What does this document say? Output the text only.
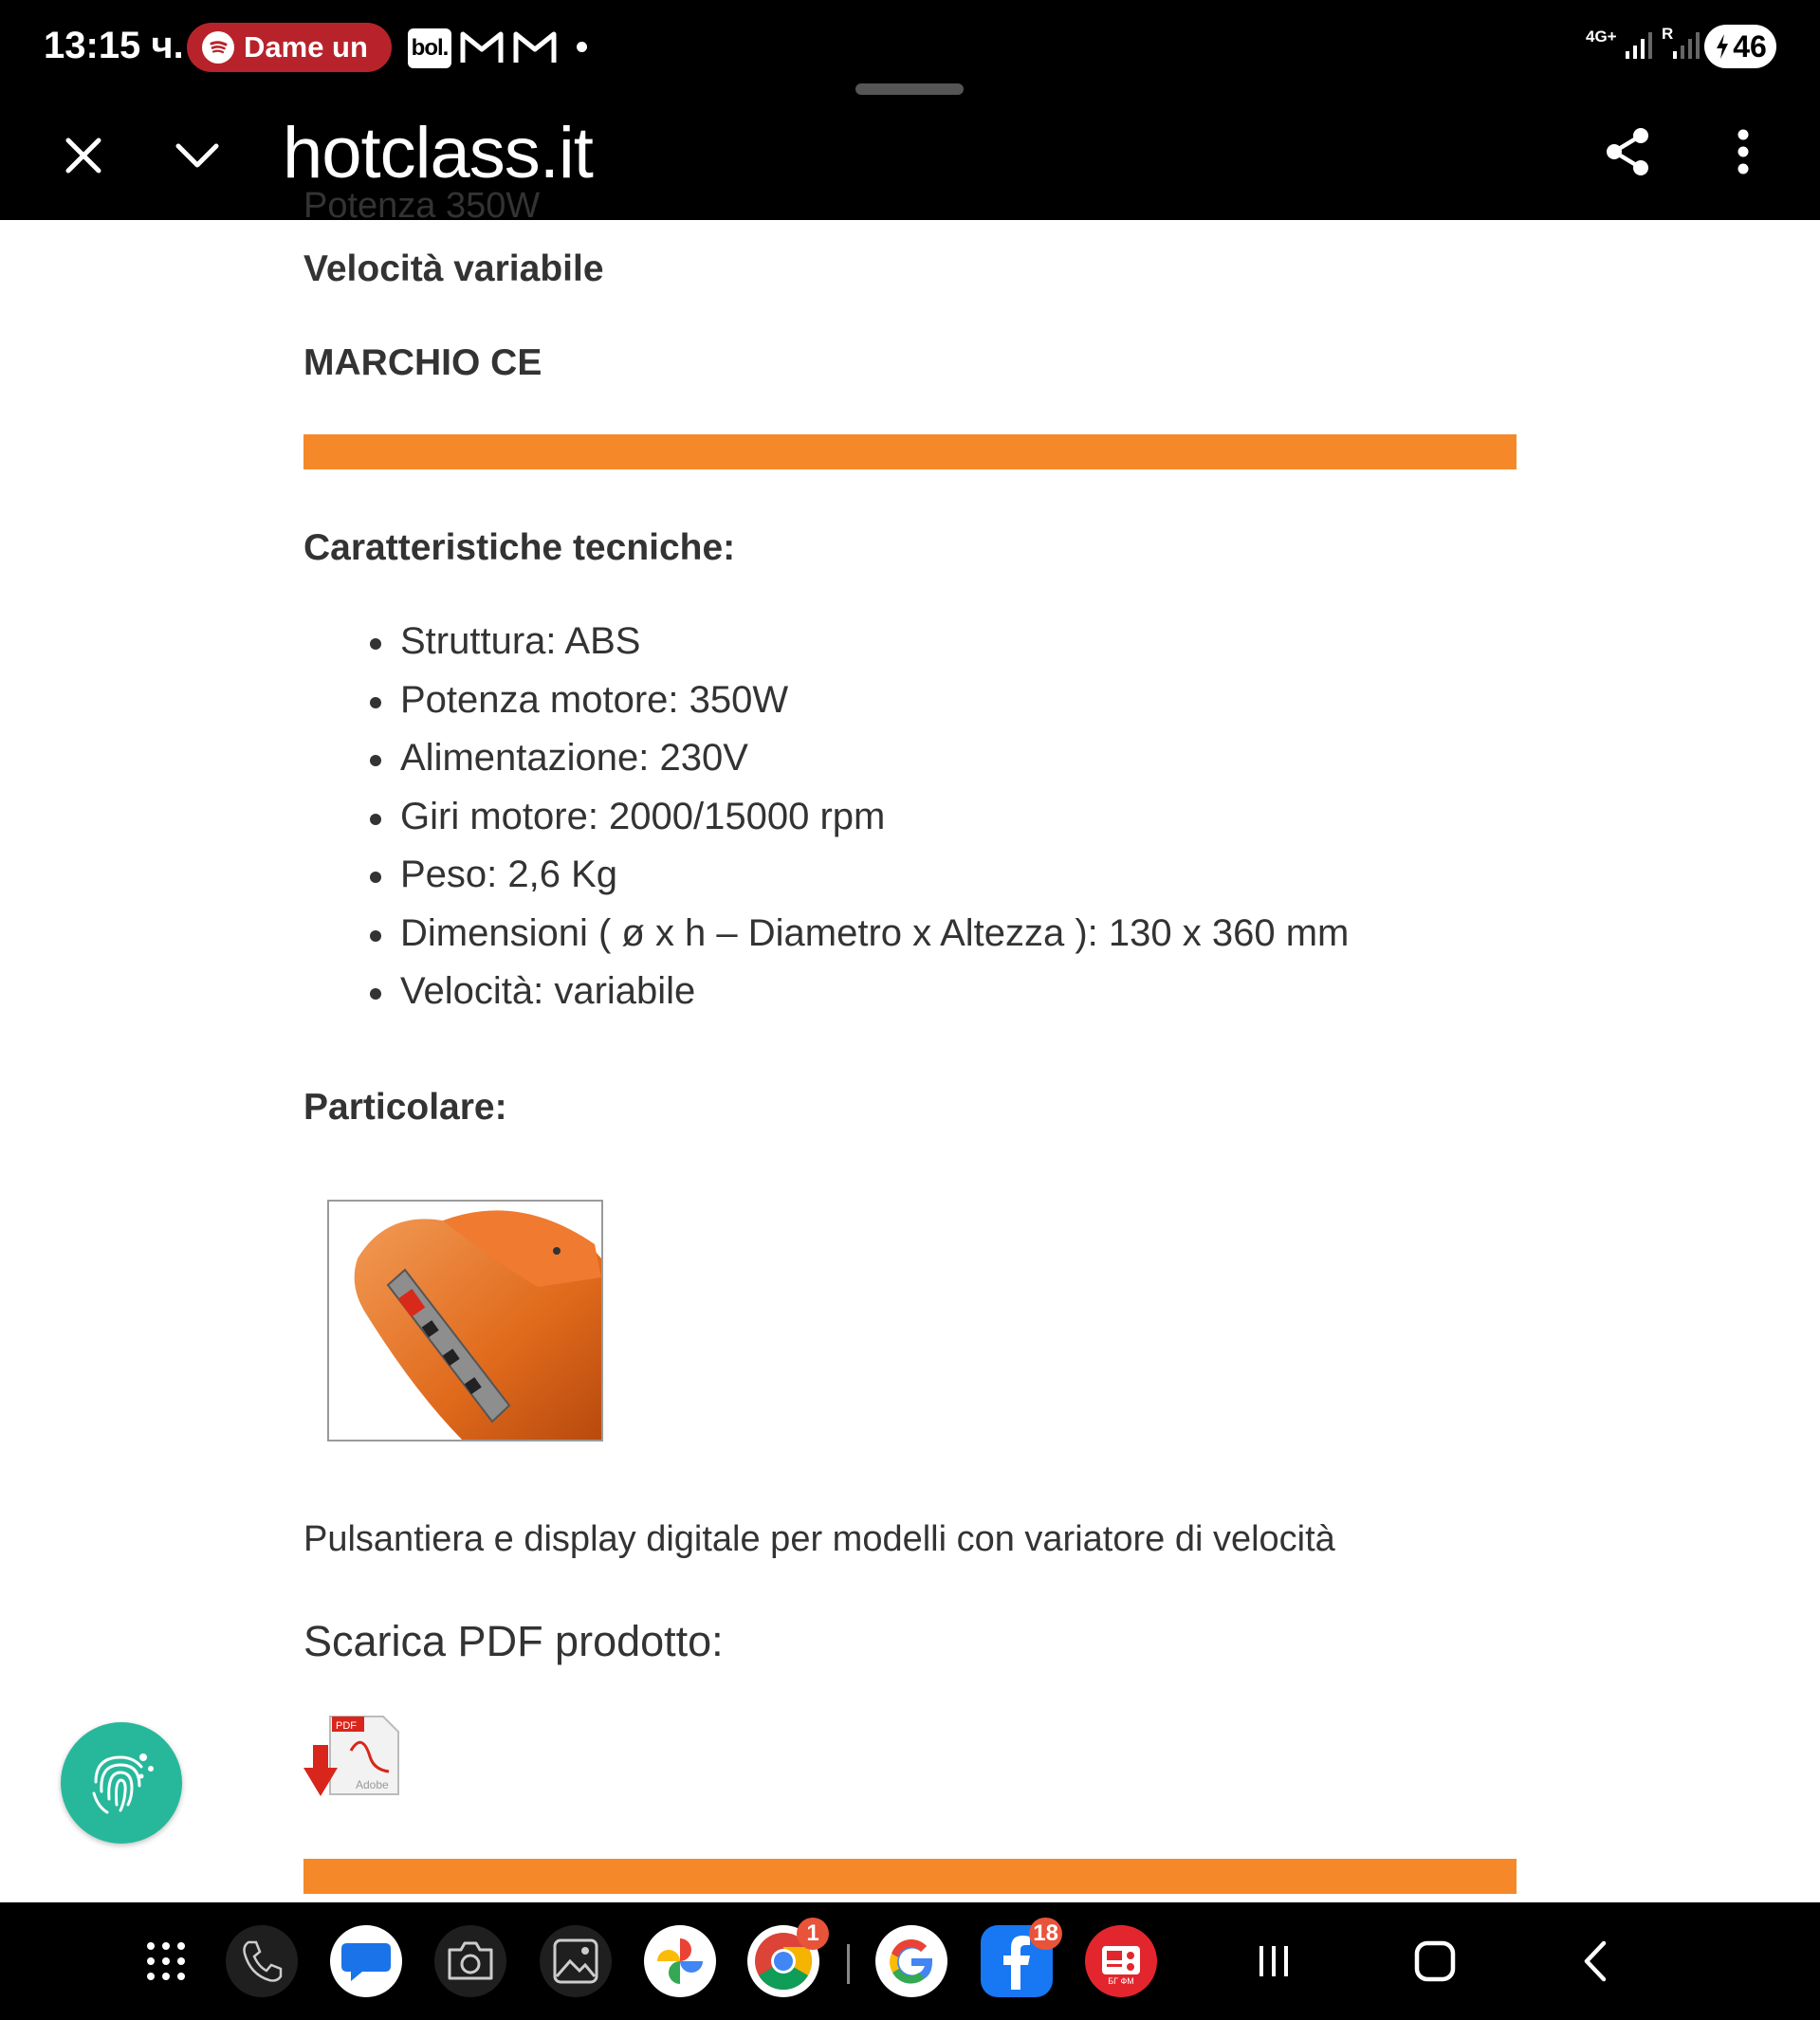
13:15 ч. Dame un	bol.	4G+	R 46
hotclass.it
Potenza 350W
Velocità variabile
MARCHIO CE
Caratteristiche tecniche:
Struttura: ABS
Potenza motore: 350W
Alimentazione: 230V
Giri motore: 2000/15000 rpm
Peso: 2,6 Kg
Dimensioni ( ø x h – Diametro x Altezza ): 130 x 360 mm
Velocità: variabile
Particolare:
Pulsantiera e display digitale per modelli con variatore di velocità
Scarica PDF prodotto:
PDF
Adobe
1	18
БГ ФМ
